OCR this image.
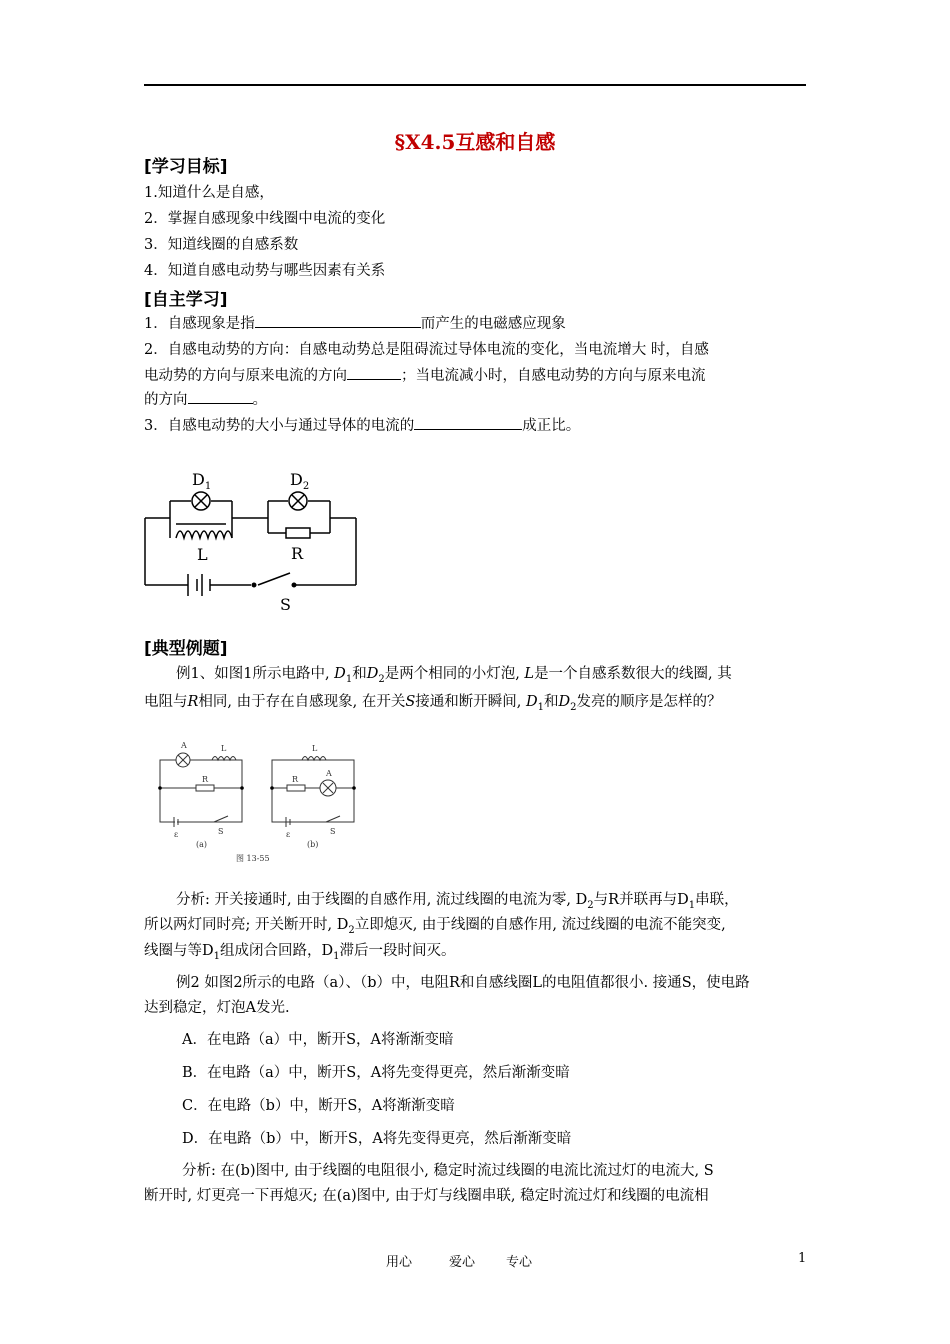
§X4.5互感和自感
[学习目标]
1.知道什么是自感，
2．掌握自感现象中线圈中电流的变化
3．知道线圈的自感系数
4．知道自感电动势与哪些因素有关系
[自主学习]
1．自感现象是指	而产生的电磁感应现象
2．自感电动势的方向：自感电动势总是阻碍流过导体电流的变化，当电流增大 时，自感
电动势的方向与原来电流的方向	；当电流减小时，自感电动势的方向与原来电流
的方向	。
3．自感电动势的大小与通过导体的电流的	成正比。
$D_1$	$D_2$
L	R
S
[典型例题]
例1、如图1所示电路中, $D_1$和$D_2$是两个相同的小灯泡, L是一个自感系数很大的线圈, 其
电阻与R相同, 由于存在自感现象, 在开关S接通和断开瞬间, $D_1$和$D_2$发亮的顺序是怎样的？
A	L
R
S
ε
(a)
L
R
A
S
ε
(b)
图 13-55
分析: 开关接通时, 由于线圈的自感作用, 流过线圈的电流为零, $D_2$与R并联再与$D_1$串联，
所以两灯同时亮; 开关断开时, $D_2$立即熄灭, 由于线圈的自感作用, 流过线圈的电流不能突变,
线圈与等$D_1$组成闭合回路，$D_1$滞后一段时间灭。
例2 如图2所示的电路（a）、（b）中，电阻R和自感线圈L的电阻值都很小. 接通S，使电路
达到稳定，灯泡A发光.
A．在电路（a）中，断开S，A将渐渐变暗
B．在电路（a）中，断开S，A将先变得更亮，然后渐渐变暗
C．在电路（b）中，断开S，A将渐渐变暗
D．在电路（b）中，断开S，A将先变得更亮，然后渐渐变暗
分析: 在(b)图中, 由于线圈的电阻很小, 稳定时流过线圈的电流比流过灯的电流大, S
断开时, 灯更亮一下再熄灭; 在(a)图中, 由于灯与线圈串联, 稳定时流过灯和线圈的电流相
用心	爱心 专心	1
